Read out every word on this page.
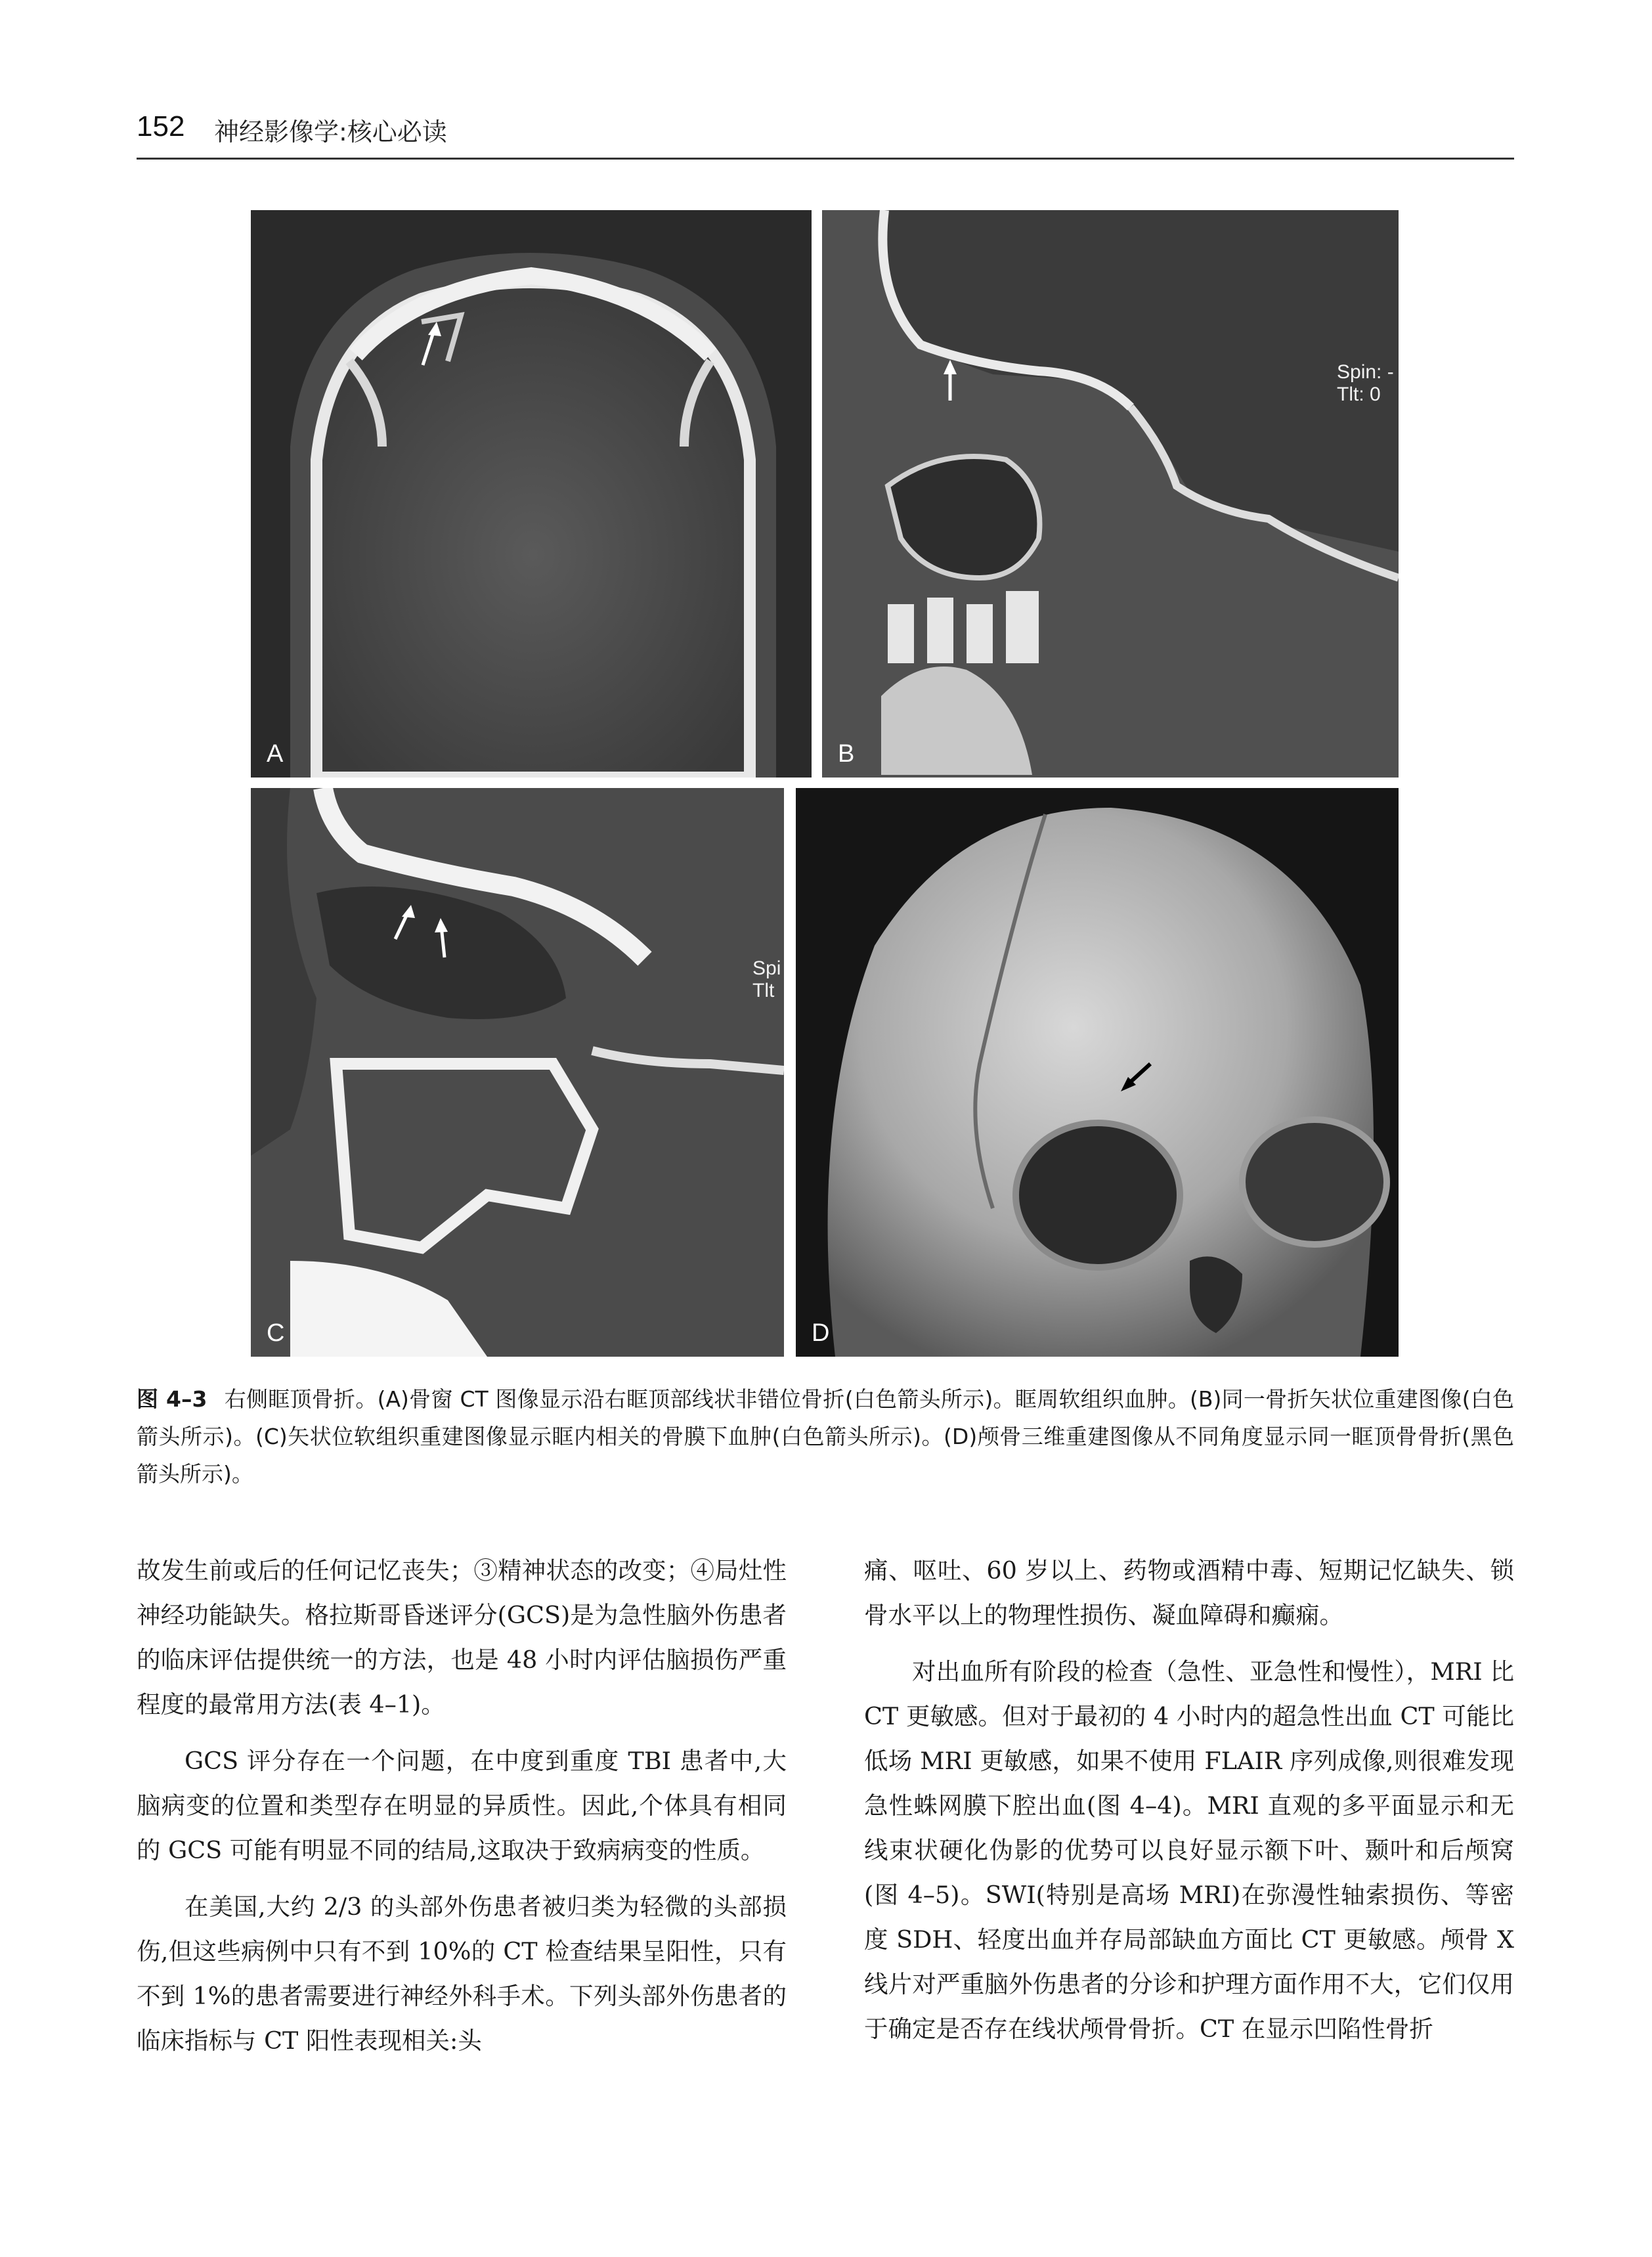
152 神经影像学:核心必读
A
Spin: -
Tlt: 0
B
Spi
Tlt
C	D
图 4–3 右侧眶顶骨折。(A)骨窗 CT 图像显示沿右眶顶部线状非错位骨折(白色箭头所示)。眶周软组织血肿。(B)同一骨折矢状位重建图像(白色箭头所示)。(C)矢状位软组织重建图像显示眶内相关的骨膜下血肿(白色箭头所示)。(D)颅骨三维重建图像从不同角度显示同一眶顶骨骨折(黑色箭头所示)。

故发生前或后的任何记忆丧失；③精神状态的改变；④局灶性神经功能缺失。格拉斯哥昏迷评分(GCS)是为急性脑外伤患者的临床评估提供统一的方法，也是 48 小时内评估脑损伤严重程度的最常用方法(表 4–1)。

GCS 评分存在一个问题，在中度到重度 TBI 患者中,大脑病变的位置和类型存在明显的异质性。因此,个体具有相同的 GCS 可能有明显不同的结局,这取决于致病病变的性质。

在美国,大约 2/3 的头部外伤患者被归类为轻微的头部损伤,但这些病例中只有不到 10%的 CT 检查结果呈阳性，只有不到 1%的患者需要进行神经外科手术。下列头部外伤患者的临床指标与 CT 阳性表现相关:头

痛、呕吐、60 岁以上、药物或酒精中毒、短期记忆缺失、锁骨水平以上的物理性损伤、凝血障碍和癫痫。

对出血所有阶段的检查（急性、亚急性和慢性），MRI 比 CT 更敏感。但对于最初的 4 小时内的超急性出血 CT 可能比低场 MRI 更敏感，如果不使用 FLAIR 序列成像,则很难发现急性蛛网膜下腔出血(图 4–4)。MRI 直观的多平面显示和无线束状硬化伪影的优势可以良好显示额下叶、颞叶和后颅窝(图 4–5)。SWI(特别是高场 MRI)在弥漫性轴索损伤、等密度 SDH、轻度出血并存局部缺血方面比 CT 更敏感。颅骨 X 线片对严重脑外伤患者的分诊和护理方面作用不大，它们仅用于确定是否存在线状颅骨骨折。CT 在显示凹陷性骨折
